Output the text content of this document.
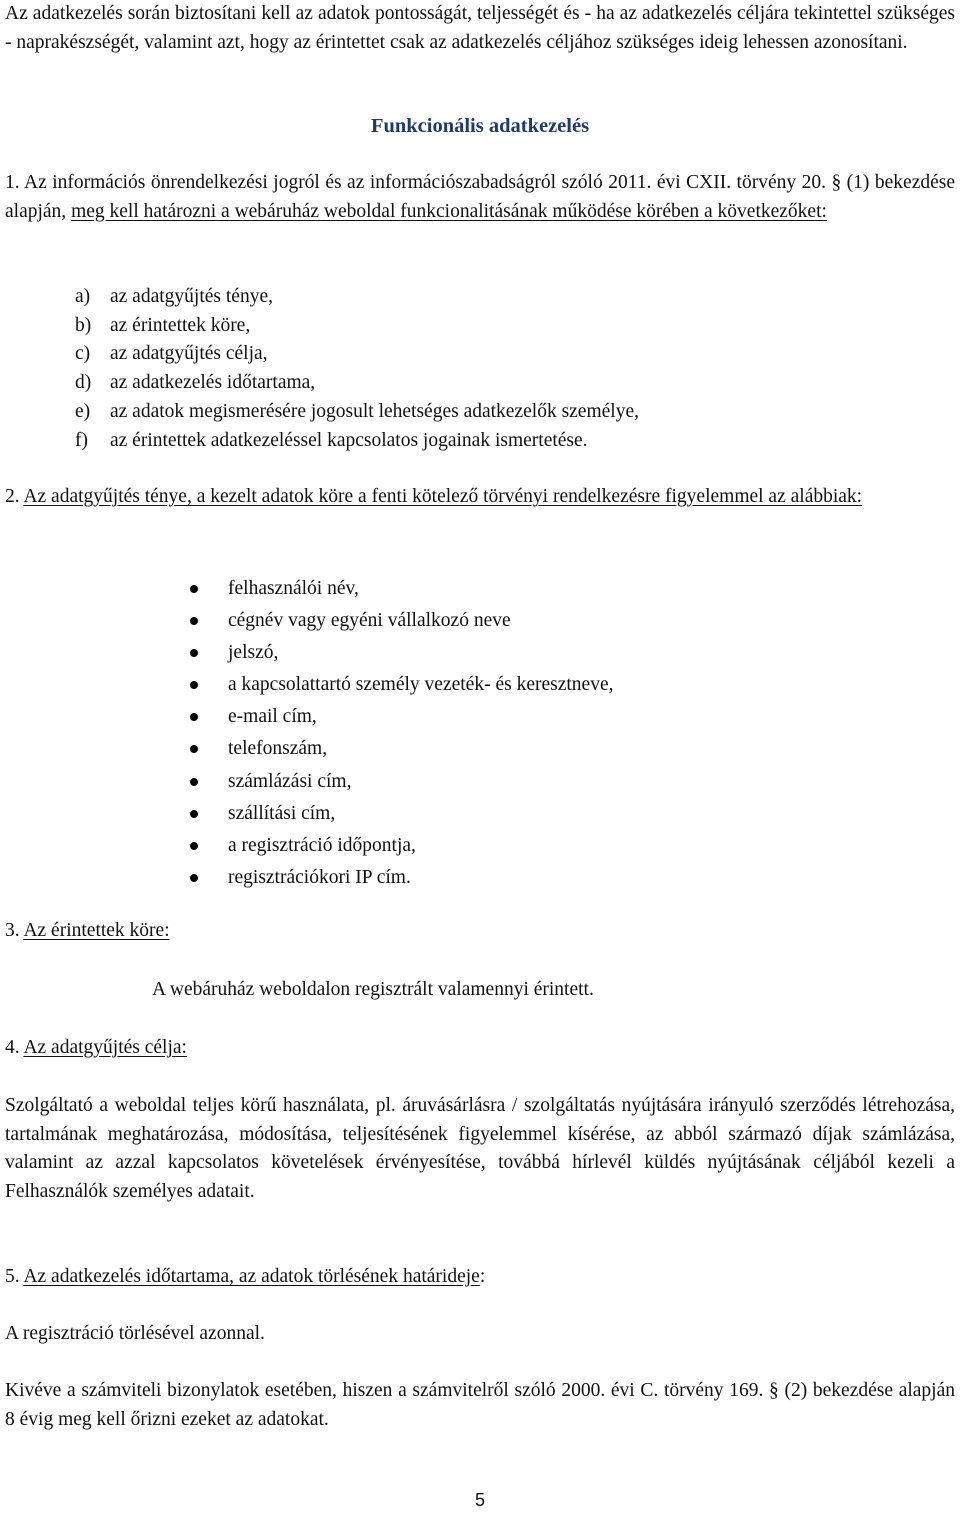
Az adatkezelés során biztosítani kell az adatok pontosságát, teljességét és - ha az adatkezelés céljára tekintettel szükséges - naprakészségét, valamint azt, hogy az érintettet csak az adatkezelés céljához szükséges ideig lehessen azonosítani.
Funkcionális adatkezelés
1. Az információs önrendelkezési jogról és az információszabadságról szóló 2011. évi CXII. törvény 20. § (1) bekezdése alapján, meg kell határozni a webáruház weboldal funkcionalitásának működése körében a következőket:
a) az adatgyűjtés ténye,
b) az érintettek köre,
c) az adatgyűjtés célja,
d) az adatkezelés időtartama,
e) az adatok megismerésére jogosult lehetséges adatkezelők személye,
f) az érintettek adatkezeléssel kapcsolatos jogainak ismertetése.
2. Az adatgyűjtés ténye, a kezelt adatok köre a fenti kötelező törvényi rendelkezésre figyelemmel az alábbiak:
felhasználói név,
cégnév vagy egyéni vállalkozó neve
jelszó,
a kapcsolattartó személy vezeték- és keresztneve,
e-mail cím,
telefonszám,
számlázási cím,
szállítási cím,
a regisztráció időpontja,
regisztrációkori IP cím.
3. Az érintettek köre:
A webáruház weboldalon regisztrált valamennyi érintett.
4. Az adatgyűjtés célja:
Szolgáltató a weboldal teljes körű használata, pl. áruvásárlásra / szolgáltatás nyújtására irányuló szerződés létrehozása, tartalmának meghatározása, módosítása, teljesítésének figyelemmel kísérése, az abból származó díjak számlázása, valamint az azzal kapcsolatos követelések érvényesítése, továbbá hírlevél küldés nyújtásának céljából kezeli a Felhasználók személyes adatait.
5. Az adatkezelés időtartama, az adatok törlésének határideje:
A regisztráció törlésével azonnal.
Kivéve a számviteli bizonylatok esetében, hiszen a számvitelről szóló 2000. évi C. törvény 169. § (2) bekezdése alapján 8 évig meg kell őrizni ezeket az adatokat.
5
